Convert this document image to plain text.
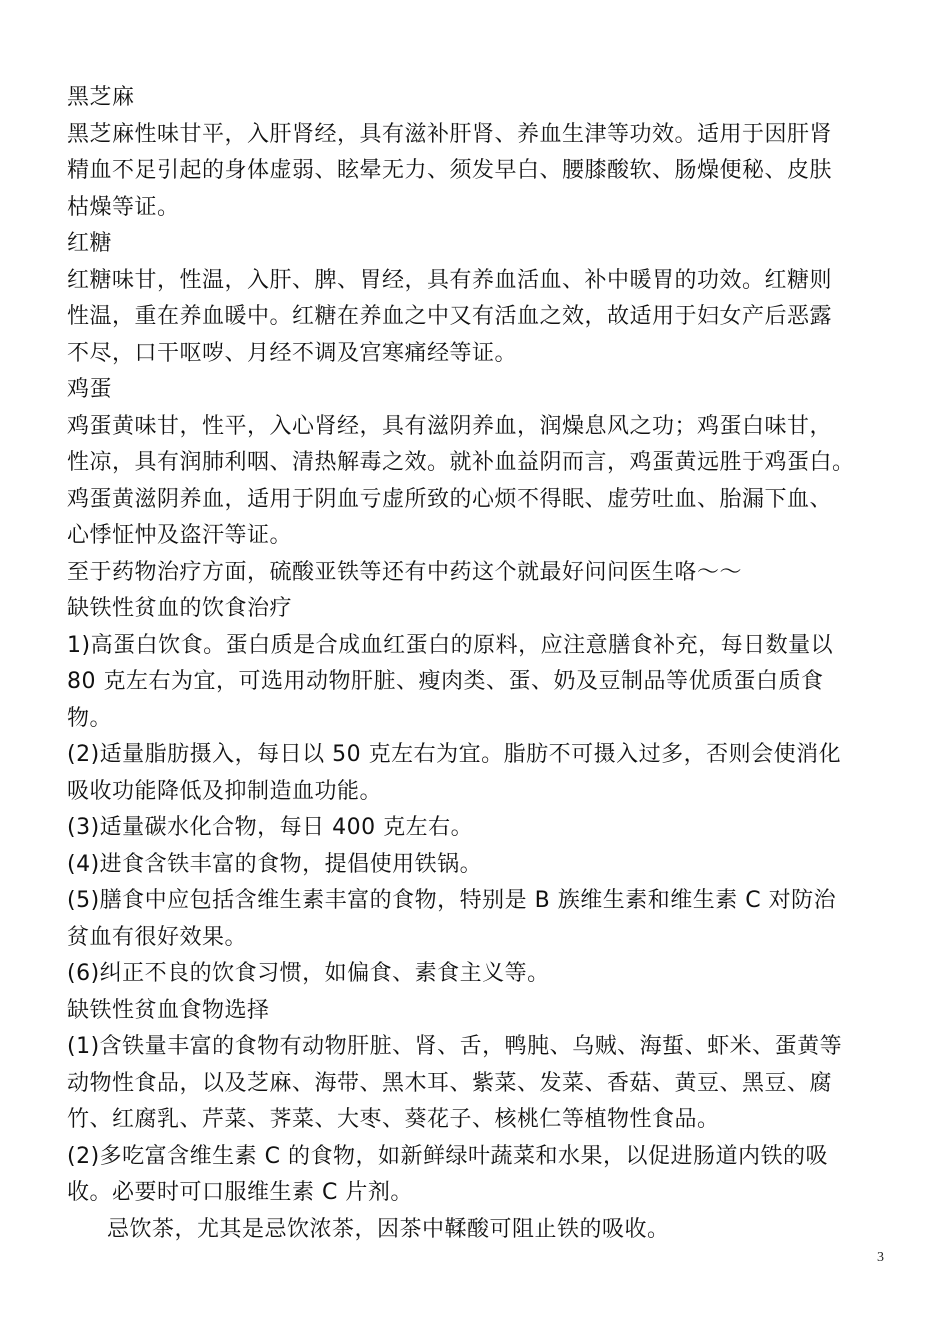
黑芝麻
黑芝麻性味甘平，入肝肾经，具有滋补肝肾、养血生津等功效。适用于因肝肾
精血不足引起的身体虚弱、眩晕无力、须发早白、腰膝酸软、肠燥便秘、皮肤
枯燥等证。
红糖
红糖味甘，性温，入肝、脾、胃经，具有养血活血、补中暖胃的功效。红糖则
性温，重在养血暖中。红糖在养血之中又有活血之效，故适用于妇女产后恶露
不尽，口干呕哕、月经不调及宫寒痛经等证。
鸡蛋
鸡蛋黄味甘，性平，入心肾经，具有滋阴养血，润燥息风之功；鸡蛋白味甘，
性凉，具有润肺利咽、清热解毒之效。就补血益阴而言，鸡蛋黄远胜于鸡蛋白。
鸡蛋黄滋阴养血，适用于阴血亏虚所致的心烦不得眠、虚劳吐血、胎漏下血、
心悸怔忡及盗汗等证。
至于药物治疗方面，硫酸亚铁等还有中药这个就最好问问医生咯～～
缺铁性贫血的饮食治疗
1)高蛋白饮食。蛋白质是合成血红蛋白的原料，应注意膳食补充，每日数量以
80 克左右为宜，可选用动物肝脏、瘦肉类、蛋、奶及豆制品等优质蛋白质食
物。
(2)适量脂肪摄入，每日以 50 克左右为宜。脂肪不可摄入过多，否则会使消化
吸收功能降低及抑制造血功能。
(3)适量碳水化合物，每日 400 克左右。
(4)进食含铁丰富的食物，提倡使用铁锅。
(5)膳食中应包括含维生素丰富的食物，特别是 B 族维生素和维生素 C 对防治
贫血有很好效果。
(6)纠正不良的饮食习惯，如偏食、素食主义等。
缺铁性贫血食物选择
(1)含铁量丰富的食物有动物肝脏、肾、舌，鸭肫、乌贼、海蜇、虾米、蛋黄等
动物性食品，以及芝麻、海带、黑木耳、紫菜、发菜、香菇、黄豆、黑豆、腐
竹、红腐乳、芹菜、荠菜、大枣、葵花子、核桃仁等植物性食品。
(2)多吃富含维生素 C 的食物，如新鲜绿叶蔬菜和水果，以促进肠道内铁的吸
收。必要时可口服维生素 C 片剂。
忌饮茶，尤其是忌饮浓茶，因茶中鞣酸可阻止铁的吸收。
3
